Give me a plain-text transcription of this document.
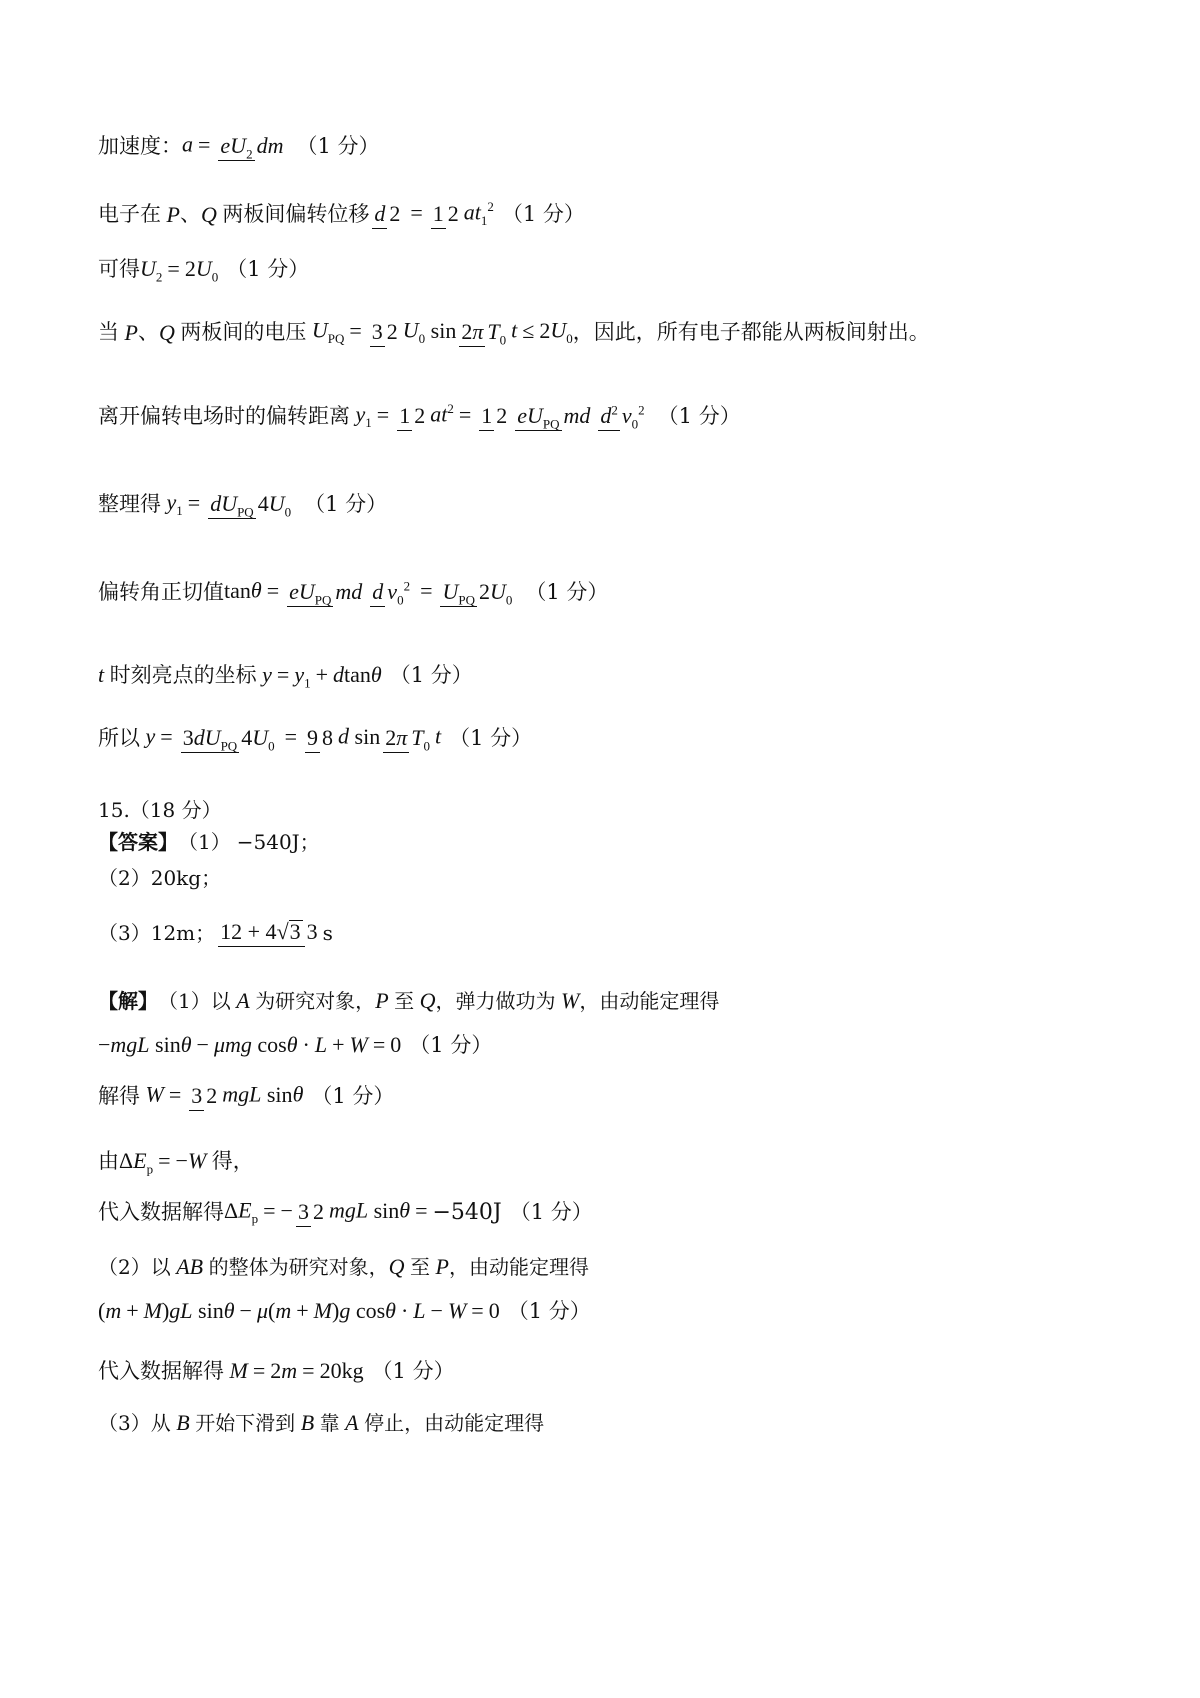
加速度： $a = eU_2$ dm （1 分）
电子在 P 、 Q 两板间偏转位移 d 2 = 1 2 $at_1^2$ （1 分）
可得 $U_2 = 2U_0$ （1 分）
当 P 、 Q 两板间的电压 $U_{PQ} = 3$ 2 $U_0$ sin 2π $T_0$ $t \le 2U_0$ ，因此，所有电子都能从两板间射出。
离开偏转电场时的偏转距离 $y_1 = 1$ 2 $at^2 = 1$ 2 $eU_{PQ}$ md $d^2$ $v_0^2$ （1 分）
整理得 $y_1 = dU_{PQ}$ $4U_0$ （1 分）
偏转角正切值 $\tan\theta = eU_{PQ}$ md d $v_0^2 = U_{PQ}$ $2U_0$ （1 分）
t 时刻亮点的坐标 $y = y_1 + dtan\theta$ （1 分）
所以 $y = 3dU_{PQ}$ $4U_0 = 9$ 8 d sin 2π $T_0$ t （1 分）
15.（18 分）
【答案】 （1） −540J；
（2）20kg；
（3）12m； 12 + 4√3 3 s
【解】 （1）以 A 为研究对象， P 至 Q ，弹力做功为 W ，由动能定理得
−mgL sinθ − μmg cosθ · L + W = 0 （1 分）
解得 W = 3 2 mgL sinθ （1 分）
由 $\Delta E_p = -W$ 得，
代入数据解得 $\Delta E_p$ = − 3 2 mgL sinθ = −540J （1 分）
（2）以 AB 的整体为研究对象， Q 至 P ，由动能定理得
(m + M)gL sinθ − μ(m + M)g cosθ · L − W = 0 （1 分）
代入数据解得 M = 2m = 20kg （1 分）
（3）从 B 开始下滑到 B 靠 A 停止，由动能定理得
